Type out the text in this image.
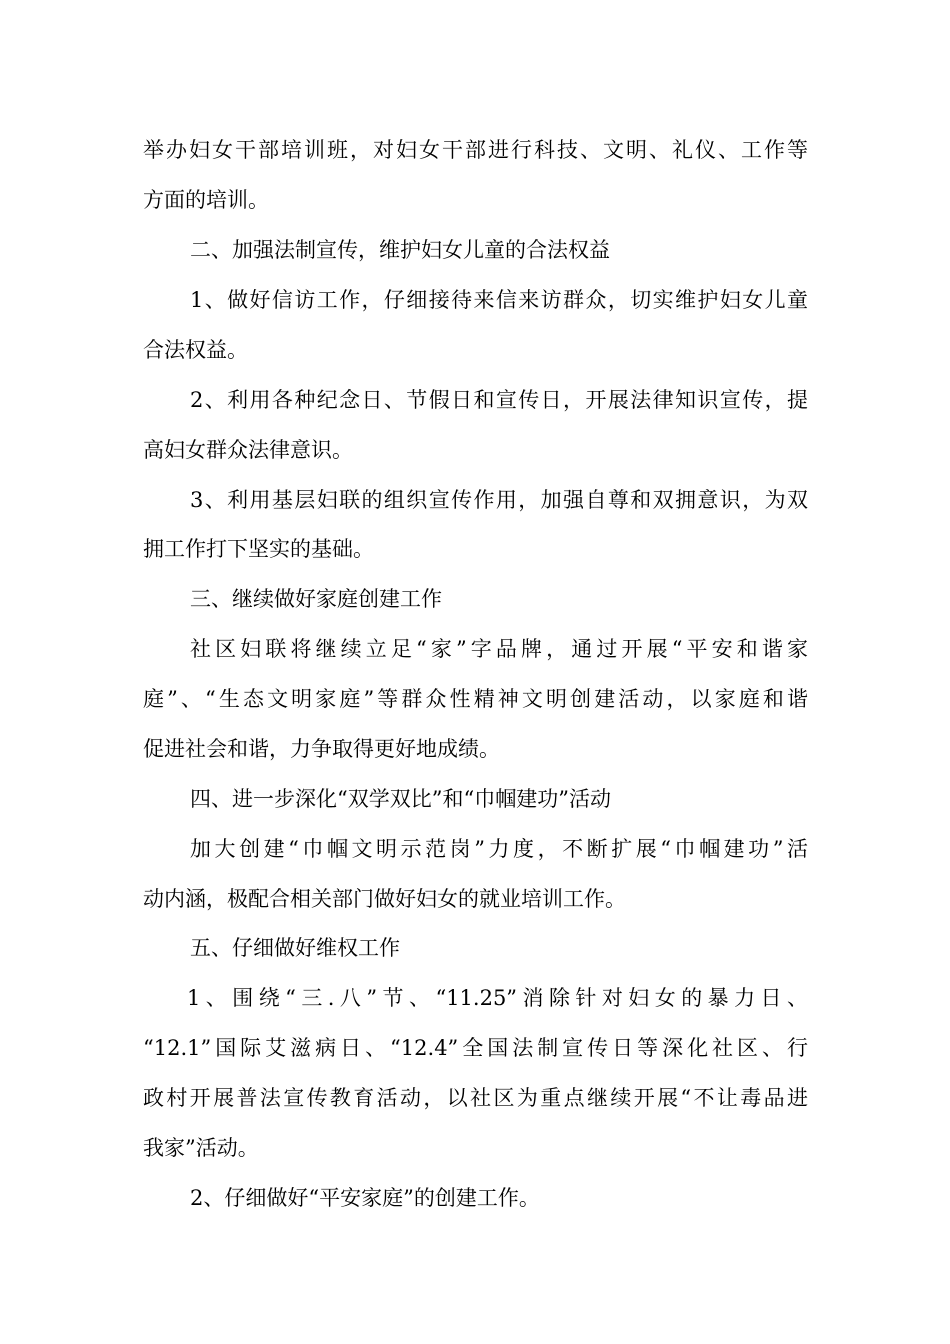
举办妇女干部培训班，对妇女干部进行科技、文明、礼仪、工作等
方面的培训。
二、加强法制宣传，维护妇女儿童的合法权益
1、做好信访工作，仔细接待来信来访群众，切实维护妇女儿童
合法权益。
2、利用各种纪念日、节假日和宣传日，开展法律知识宣传，提
高妇女群众法律意识。
3、利用基层妇联的组织宣传作用，加强自尊和双拥意识，为双
拥工作打下坚实的基础。
三、继续做好家庭创建工作
社区妇联将继续立足“家”字品牌，通过开展“平安和谐家
庭”、“生态文明家庭”等群众性精神文明创建活动，以家庭和谐
促进社会和谐，力争取得更好地成绩。
四、进一步深化“双学双比”和“巾帼建功”活动
加大创建“巾帼文明示范岗”力度，不断扩展“巾帼建功”活
动内涵，极配合相关部门做好妇女的就业培训工作。
五、仔细做好维权工作
1、围绕“三.八”节、“11.25”消除针对妇女的暴力日、
“12.1”国际艾滋病日、“12.4”全国法制宣传日等深化社区、行
政村开展普法宣传教育活动，以社区为重点继续开展“不让毒品进
我家”活动。
2、仔细做好“平安家庭”的创建工作。
